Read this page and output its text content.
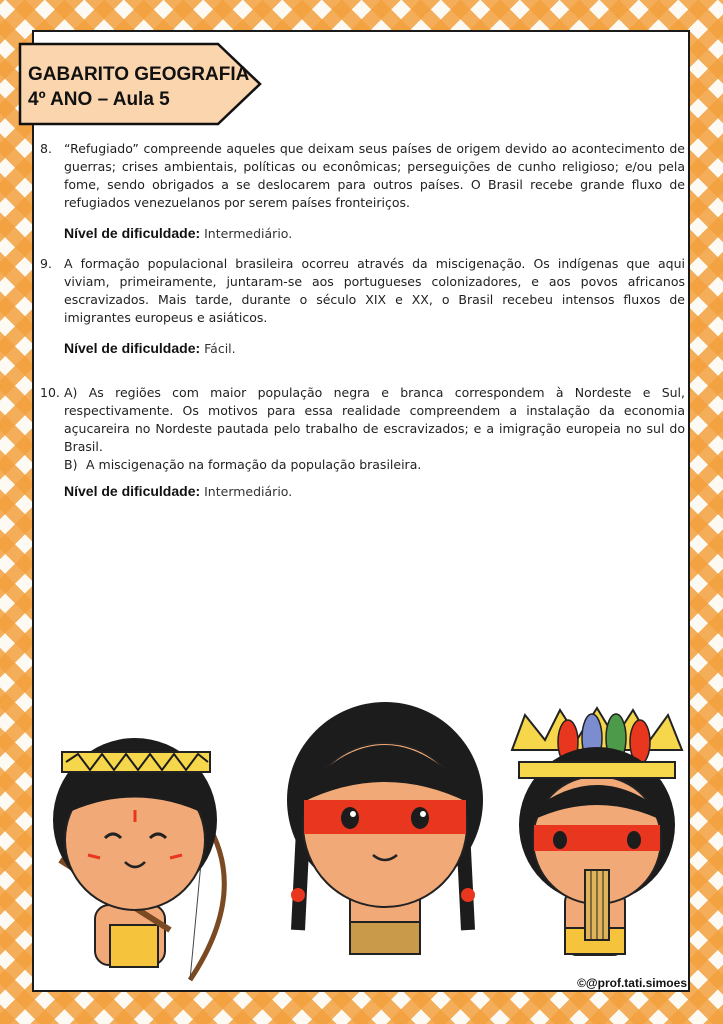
GABARITO GEOGRAFIA
4º ANO – Aula 5
8. “Refugiado” compreende aqueles que deixam seus países de origem devido ao acontecimento de guerras; crises ambientais, políticas ou econômicas; perseguições de cunho religioso; e/ou pela fome, sendo obrigados a se deslocarem para outros países. O Brasil recebe grande fluxo de refugiados venezuelanos por serem países fronteiriços.
Nível de dificuldade: Intermediário.
9. A formação populacional brasileira ocorreu através da miscigenação. Os indígenas que aqui viviam, primeiramente, juntaram-se aos portugueses colonizadores, e aos povos africanos escravizados. Mais tarde, durante o século XIX e XX, o Brasil recebeu intensos fluxos de imigrantes europeus e asiáticos.
Nível de dificuldade: Fácil.
10. A) As regiões com maior população negra e branca correspondem à Nordeste e Sul, respectivamente. Os motivos para essa realidade compreendem a instalação da economia açucareira no Nordeste pautada pelo trabalho de escravizados; e a imigração europeia no sul do Brasil.
B) A miscigenação na formação da população brasileira.
Nível de dificuldade: Intermediário.
©@prof.tati.simoes
